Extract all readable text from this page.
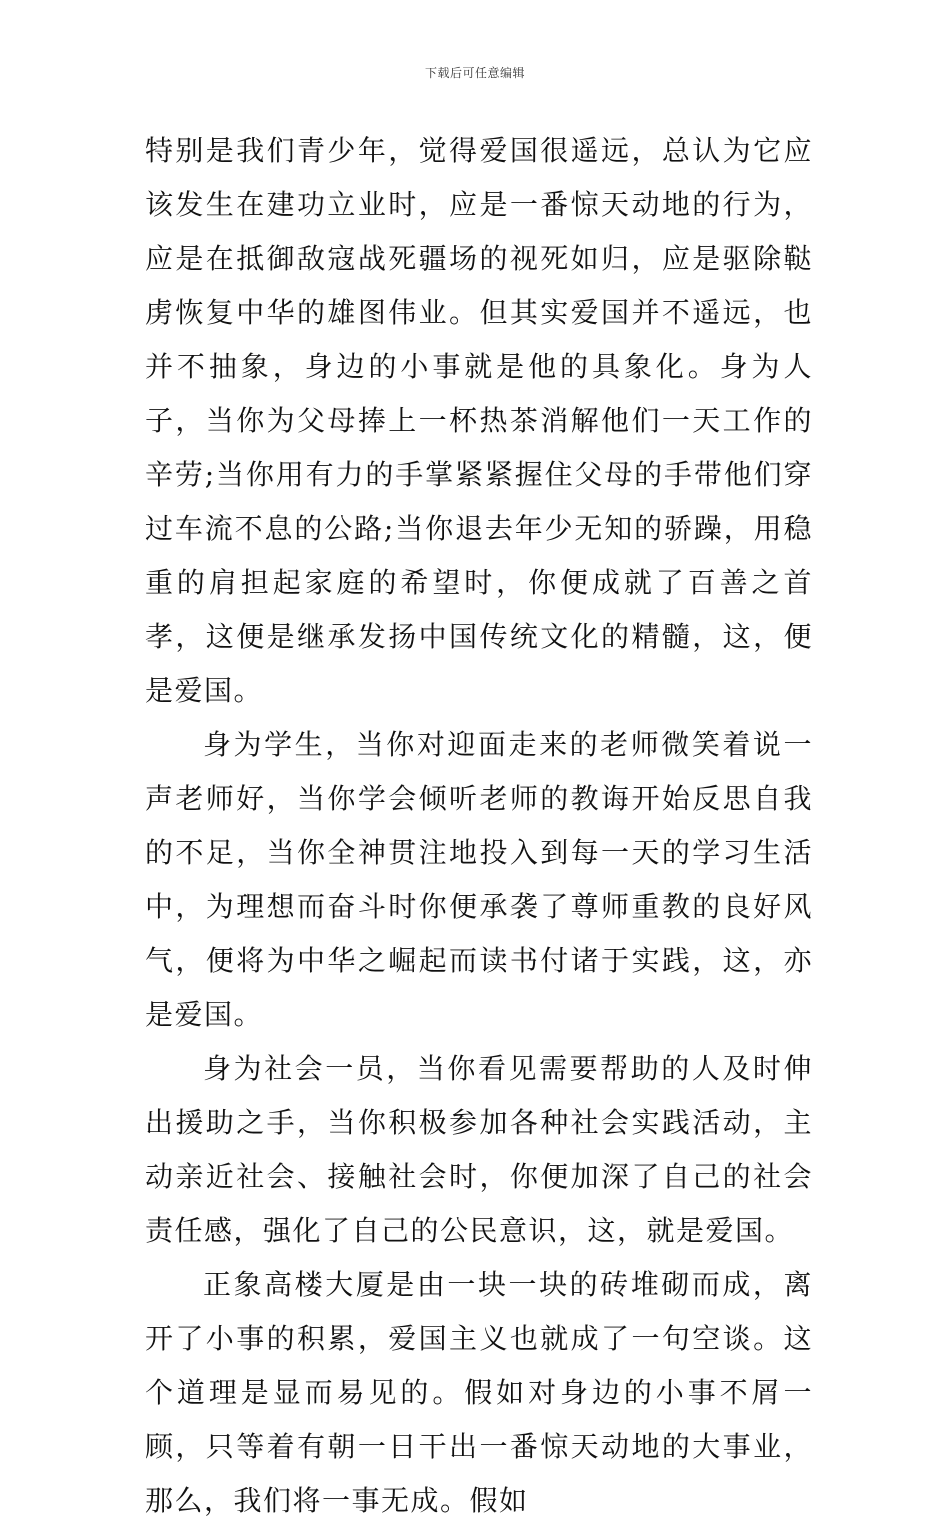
下载后可任意编辑

特别是我们青少年，觉得爱国很遥远，总认为它应该发生在建功立业时，应是一番惊天动地的行为，应是在抵御敌寇战死疆场的视死如归，应是驱除鞑虏恢复中华的雄图伟业。但其实爱国并不遥远，也并不抽象，身边的小事就是他的具象化。身为人子，当你为父母捧上一杯热茶消解他们一天工作的辛劳;当你用有力的手掌紧紧握住父母的手带他们穿过车流不息的公路;当你退去年少无知的骄躁，用稳重的肩担起家庭的希望时，你便成就了百善之首孝，这便是继承发扬中国传统文化的精髓，这，便是爱国。

身为学生，当你对迎面走来的老师微笑着说一声老师好，当你学会倾听老师的教诲开始反思自我的不足，当你全神贯注地投入到每一天的学习生活中，为理想而奋斗时你便承袭了尊师重教的良好风气，便将为中华之崛起而读书付诸于实践，这，亦是爱国。

身为社会一员，当你看见需要帮助的人及时伸出援助之手，当你积极参加各种社会实践活动，主动亲近社会、接触社会时，你便加深了自己的社会责任感，强化了自己的公民意识，这，就是爱国。

正象高楼大厦是由一块一块的砖堆砌而成，离开了小事的积累，爱国主义也就成了一句空谈。这个道理是显而易见的。假如对身边的小事不屑一顾，只等着有朝一日干出一番惊天动地的大事业，那么，我们将一事无成。假如
